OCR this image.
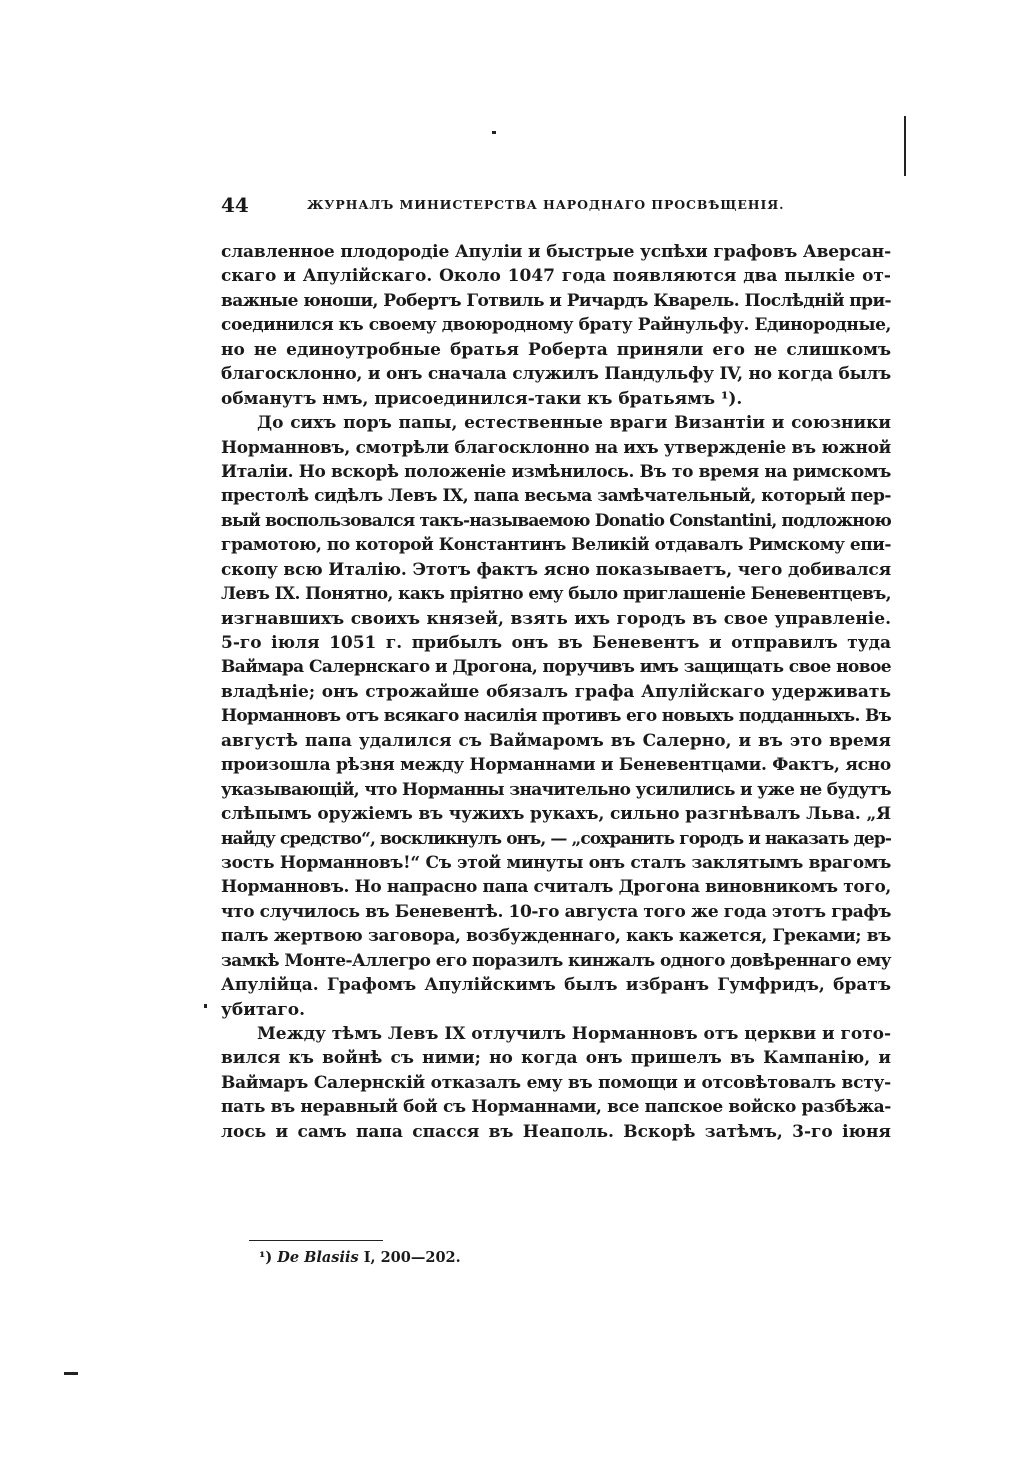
44	ЖУРНАЛЪ МИНИСТЕРСТВА НАРОДНАГО ПРОСВѢЩЕНІЯ.
славленное плодородіе Апуліи и быстрые успѣхи графовъ Аверсан-
скаго и Апулійскаго. Около 1047 года появляются два пылкіе от-
важные юноши, Робертъ Готвиль и Ричардъ Кварель. Послѣдній при-
соединился къ своему двоюродному брату Райнульфу. Единородные,
но не единоутробные братья Роберта приняли его не слишкомъ
благосклонно, и онъ сначала служилъ Пандульфу IV, но когда былъ
обманутъ нмъ, присоединился-таки къ братьямъ ¹).
До сихъ поръ папы, естественные враги Византіи и союзники
Норманновъ, смотрѣли благосклонно на ихъ утвержденіе въ южной
Италіи. Но вскорѣ положеніе измѣнилось. Въ то время на римскомъ
престолѣ сидѣлъ Левъ IX, папа весьма замѣчательный, который пер-
вый воспользовался такъ-называемою Donatio Constantini, подложною
грамотою, по которой Константинъ Великій отдавалъ Римскому епи-
скопу всю Италію. Этотъ фактъ ясно показываетъ, чего добивался
Левъ IX. Понятно, какъ пріятно ему было приглашеніе Беневентцевъ,
изгнавшихъ своихъ князей, взять ихъ городъ въ свое управленіе.
5-го іюля 1051 г. прибылъ онъ въ Беневентъ и отправилъ туда
Ваймара Салернскаго и Дрогона, поручивъ имъ защищать свое новое
владѣніе; онъ строжайше обязалъ графа Апулійскаго удерживать
Норманновъ отъ всякаго насилія противъ его новыхъ подданныхъ. Въ
августѣ папа удалился съ Ваймаромъ въ Салерно, и въ это время
произошла рѣзня между Норманнами и Беневентцами. Фактъ, ясно
указывающій, что Норманны значительно усилились и уже не будутъ
слѣпымъ оружіемъ въ чужихъ рукахъ, сильно разгнѣвалъ Льва. „Я
найду средство“, воскликнулъ онъ, — „сохранить городъ и наказать дер-
зость Норманновъ!“ Съ этой минуты онъ сталъ заклятымъ врагомъ
Норманновъ. Но напрасно папа считалъ Дрогона виновникомъ того,
что случилось въ Беневентѣ. 10-го августа того же года этотъ графъ
палъ жертвою заговора, возбужденнаго, какъ кажется, Греками; въ
замкѣ Монте-Аллегро его поразилъ кинжалъ одного довѣреннаго ему
Апулійца. Графомъ Апулійскимъ былъ избранъ Гумфридъ, братъ
убитаго.
Между тѣмъ Левъ IX отлучилъ Норманновъ отъ церкви и гото-
вился къ войнѣ съ ними; но когда онъ пришелъ въ Кампанію, и
Ваймаръ Салернскій отказалъ ему въ помощи и отсовѣтовалъ всту-
пать въ неравный бой съ Норманнами, все папское войско разбѣжа-
лось и самъ папа спасся въ Неаполь. Вскорѣ затѣмъ, 3-го іюня
¹) De Blasiis I, 200—202.
